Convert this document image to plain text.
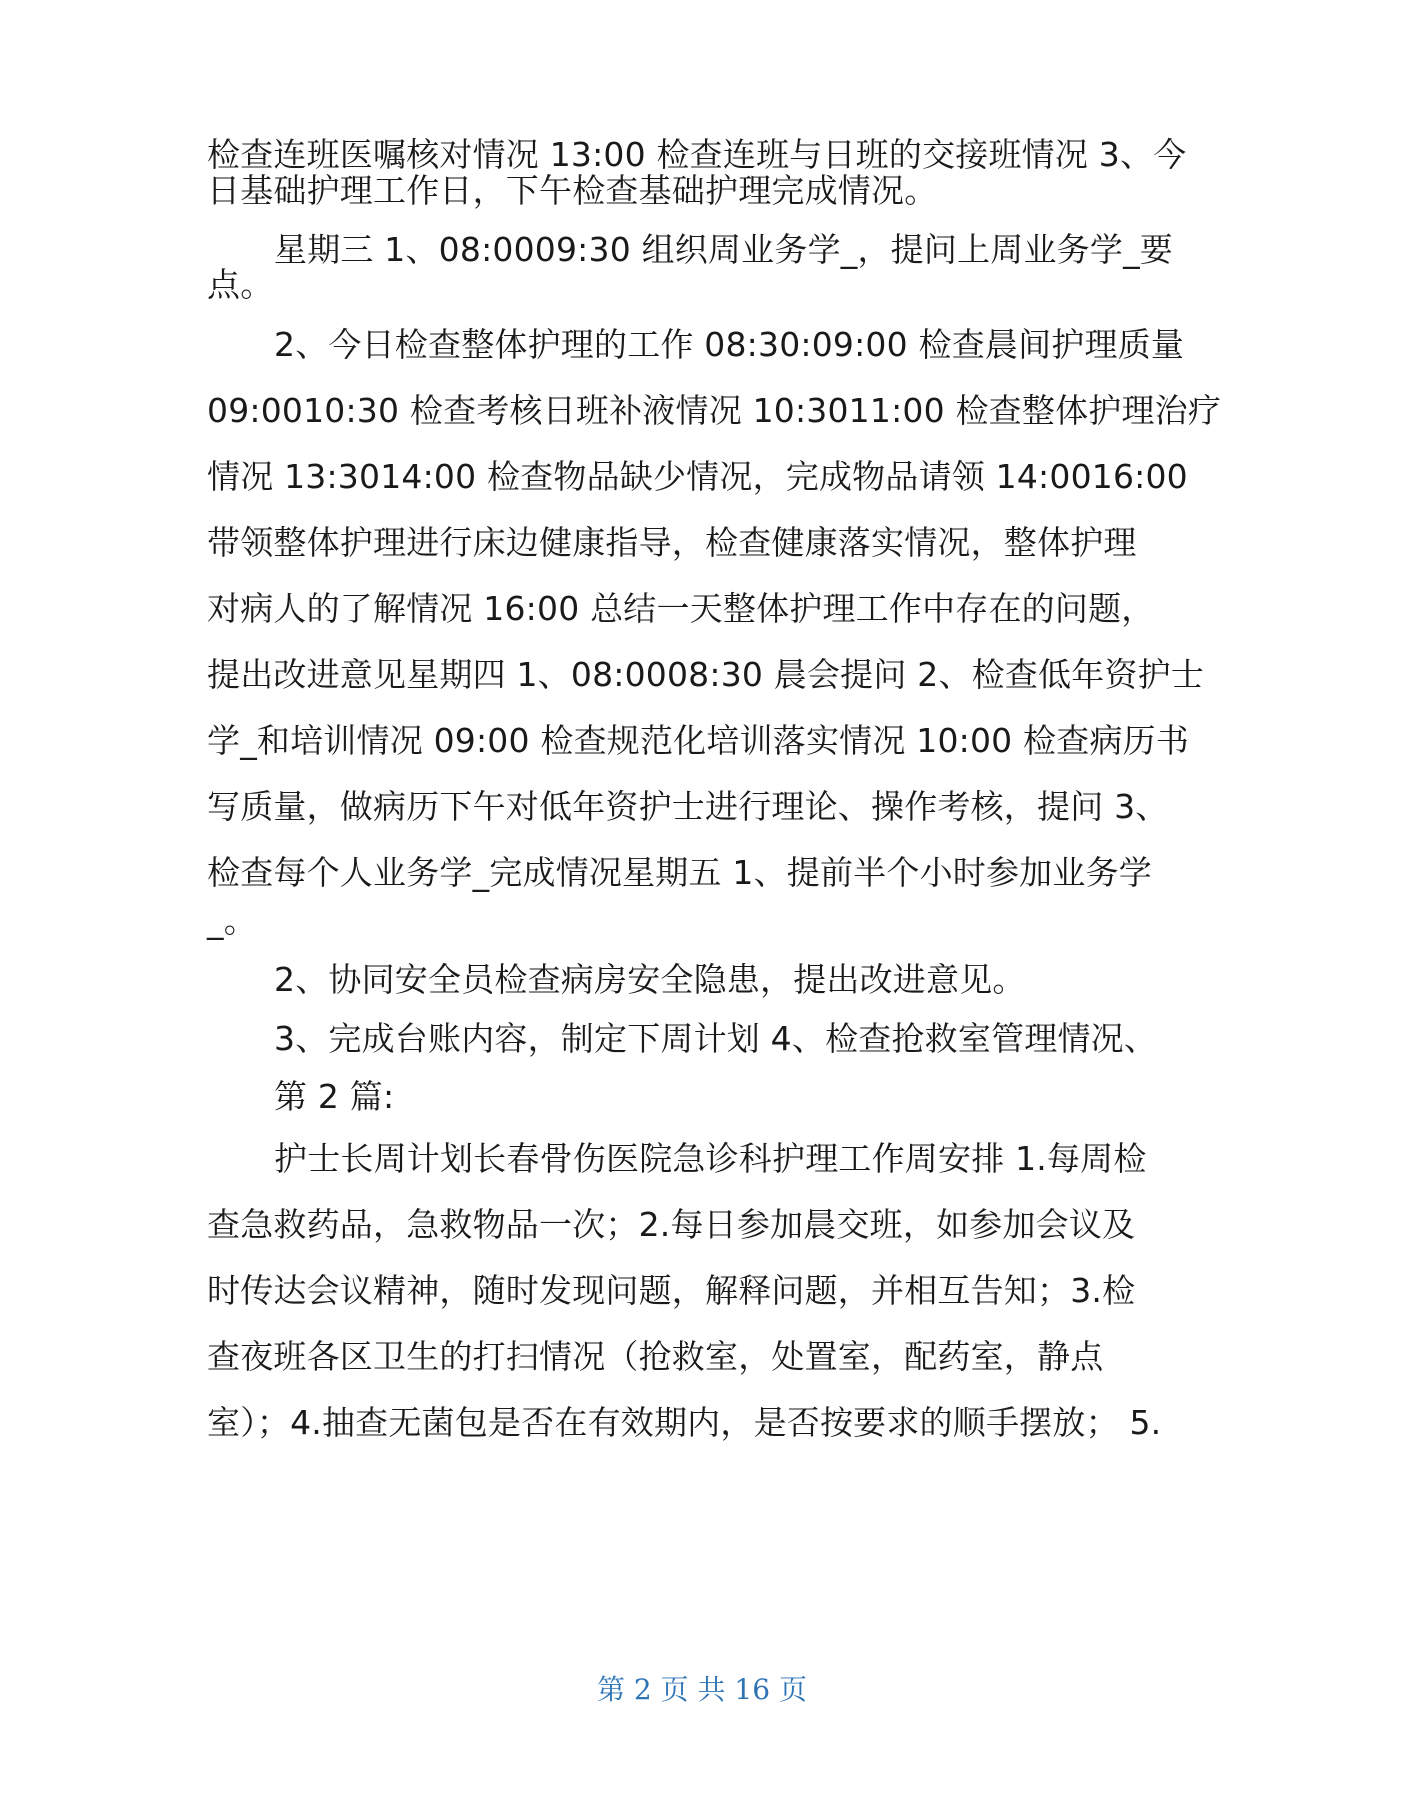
检查连班医嘱核对情况 13:00 检查连班与日班的交接班情况 3、今
日基础护理工作日，下午检查基础护理完成情况。
星期三 1、08:0009:30 组织周业务学_，提问上周业务学_要
点。
2、今日检查整体护理的工作 08:30:09:00 检查晨间护理质量
09:0010:30 检查考核日班补液情况 10:3011:00 检查整体护理治疗
情况 13:3014:00 检查物品缺少情况，完成物品请领 14:0016:00
带领整体护理进行床边健康指导，检查健康落实情况，整体护理
对病人的了解情况 16:00 总结一天整体护理工作中存在的问题，
提出改进意见星期四 1、08:0008:30 晨会提问 2、检查低年资护士
学_和培训情况 09:00 检查规范化培训落实情况 10:00 检查病历书
写质量，做病历下午对低年资护士进行理论、操作考核，提问 3、
检查每个人业务学_完成情况星期五 1、提前半个小时参加业务学
_。
2、协同安全员检查病房安全隐患，提出改进意见。
3、完成台账内容，制定下周计划 4、检查抢救室管理情况、
第 2 篇:
护士长周计划长春骨伤医院急诊科护理工作周安排 1.每周检
查急救药品，急救物品一次；2.每日参加晨交班，如参加会议及
时传达会议精神，随时发现问题，解释问题，并相互告知；3.检
查夜班各区卫生的打扫情况（抢救室，处置室，配药室，静点
室）；4.抽查无菌包是否在有效期内，是否按要求的顺手摆放； 5.
第 2 页 共 16 页
